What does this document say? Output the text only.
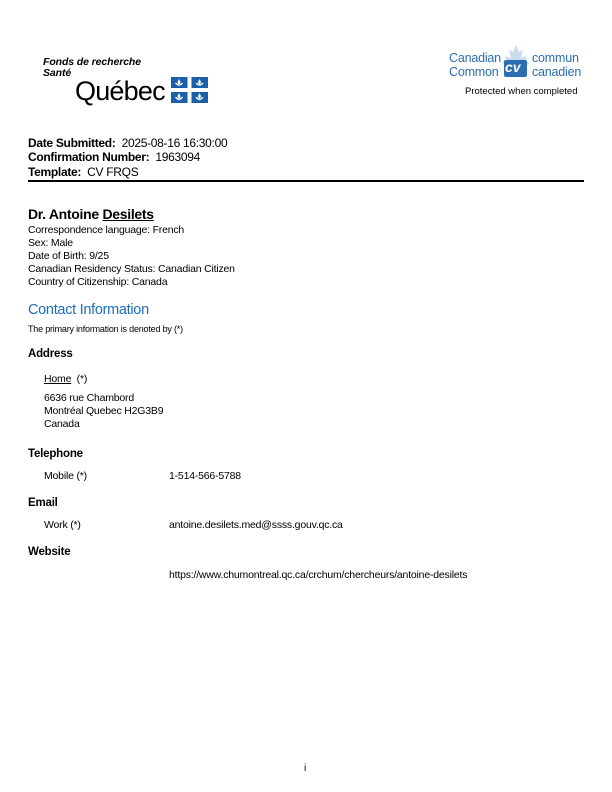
Fonds de recherche
Santé
Québec
Canadian
Common cv
commun
canadien
Protected when completed
Date Submitted: 2025-08-16 16:30:00
Confirmation Number: 1963094
Template: CV FRQS
Dr. Antoine Desilets
Correspondence language: French
Sex: Male
Date of Birth: 9/25
Canadian Residency Status: Canadian Citizen
Country of Citizenship: Canada
Contact Information
The primary information is denoted by (*)
Address
Home (*)
6636 rue Chambord
Montréal Quebec H2G3B9
Canada
Telephone
Mobile (*)	1-514-566-5788
Email
Work (*)	antoine.desilets.med@ssss.gouv.qc.ca
Website
https://www.chumontreal.qc.ca/crchum/chercheurs/antoine-desilets
i
